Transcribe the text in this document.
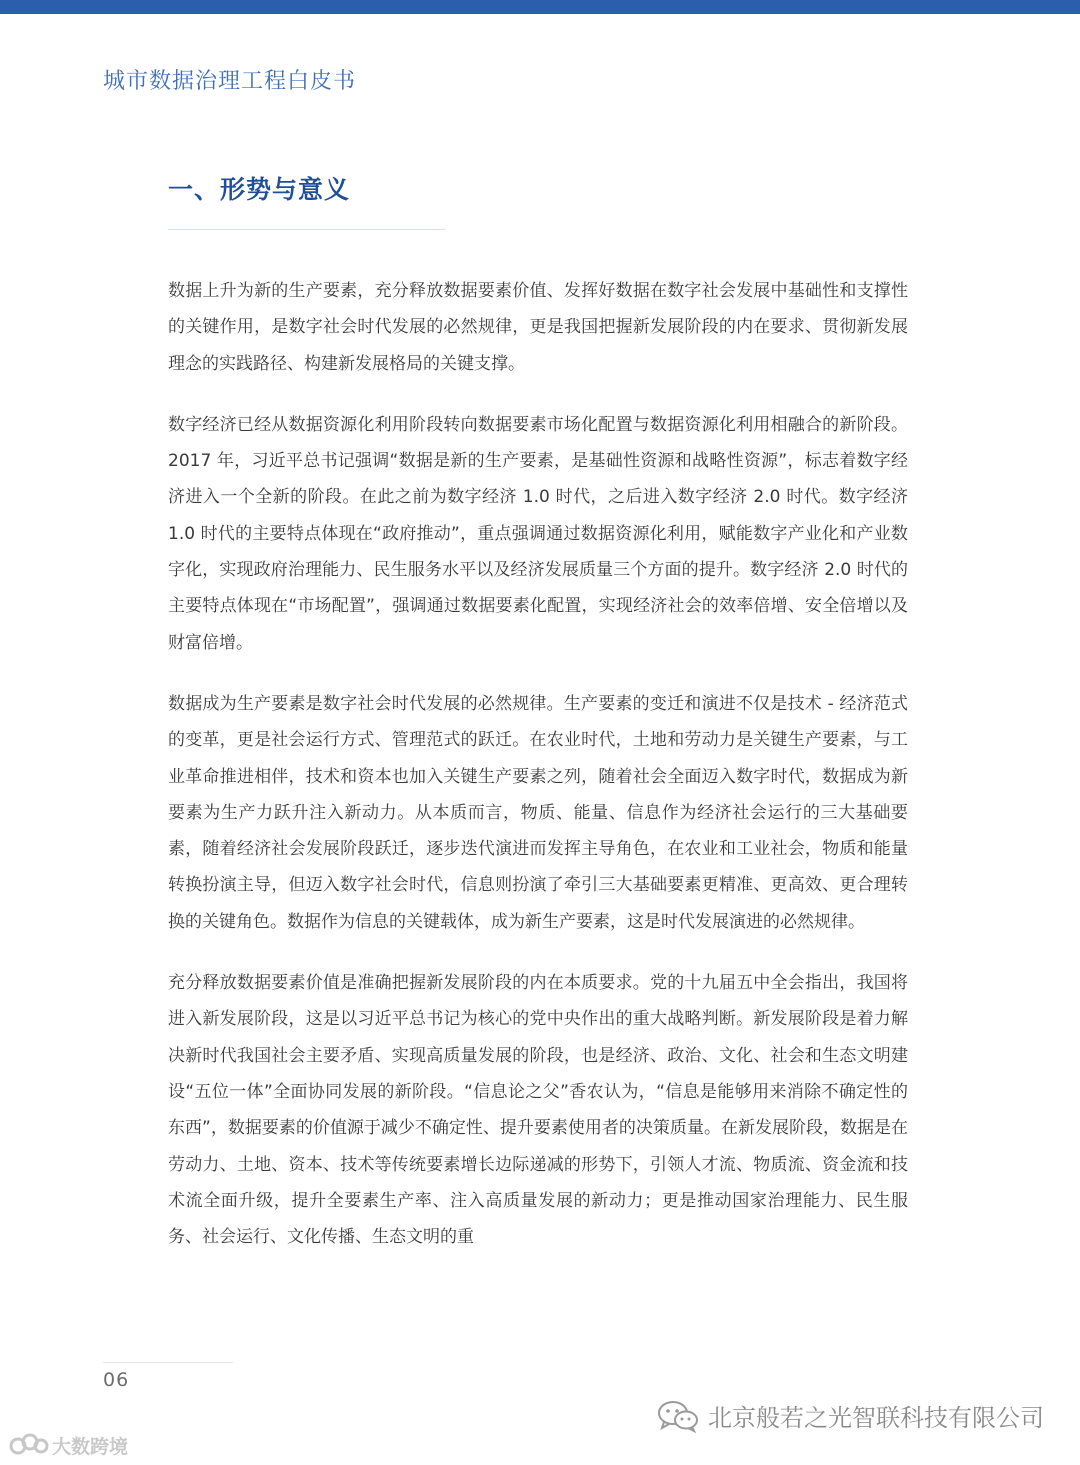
城市数据治理工程白皮书
一、形势与意义

数据上升为新的生产要素，充分释放数据要素价值、发挥好数据在数字社会发展中基础性和支撑性的关键作用，是数字社会时代发展的必然规律，更是我国把握新发展阶段的内在要求、贯彻新发展理念的实践路径、构建新发展格局的关键支撑。

数字经济已经从数据资源化利用阶段转向数据要素市场化配置与数据资源化利用相融合的新阶段。2017 年，习近平总书记强调“数据是新的生产要素，是基础性资源和战略性资源”，标志着数字经济进入一个全新的阶段。在此之前为数字经济 1.0 时代，之后进入数字经济 2.0 时代。数字经济 1.0 时代的主要特点体现在“政府推动”，重点强调通过数据资源化利用，赋能数字产业化和产业数字化，实现政府治理能力、民生服务水平以及经济发展质量三个方面的提升。数字经济 2.0 时代的主要特点体现在“市场配置”，强调通过数据要素化配置，实现经济社会的效率倍增、安全倍增以及财富倍增。

数据成为生产要素是数字社会时代发展的必然规律。生产要素的变迁和演进不仅是技术 - 经济范式的变革，更是社会运行方式、管理范式的跃迁。在农业时代，土地和劳动力是关键生产要素，与工业革命推进相伴，技术和资本也加入关键生产要素之列，随着社会全面迈入数字时代，数据成为新要素为生产力跃升注入新动力。从本质而言，物质、能量、信息作为经济社会运行的三大基础要素，随着经济社会发展阶段跃迁，逐步迭代演进而发挥主导角色，在农业和工业社会，物质和能量转换扮演主导，但迈入数字社会时代，信息则扮演了牵引三大基础要素更精准、更高效、更合理转换的关键角色。数据作为信息的关键载体，成为新生产要素，这是时代发展演进的必然规律。

充分释放数据要素价值是准确把握新发展阶段的内在本质要求。党的十九届五中全会指出，我国将进入新发展阶段，这是以习近平总书记为核心的党中央作出的重大战略判断。新发展阶段是着力解决新时代我国社会主要矛盾、实现高质量发展的阶段，也是经济、政治、文化、社会和生态文明建设“五位一体”全面协同发展的新阶段。“信息论之父”香农认为，“信息是能够用来消除不确定性的东西”，数据要素的价值源于减少不确定性、提升要素使用者的决策质量。在新发展阶段，数据是在劳动力、土地、资本、技术等传统要素增长边际递减的形势下，引领人才流、物质流、资金流和技术流全面升级，提升全要素生产率、注入高质量发展的新动力；更是推动国家治理能力、民生服务、社会运行、文化传播、生态文明的重

06
北京般若之光智联科技有限公司
大数跨境
